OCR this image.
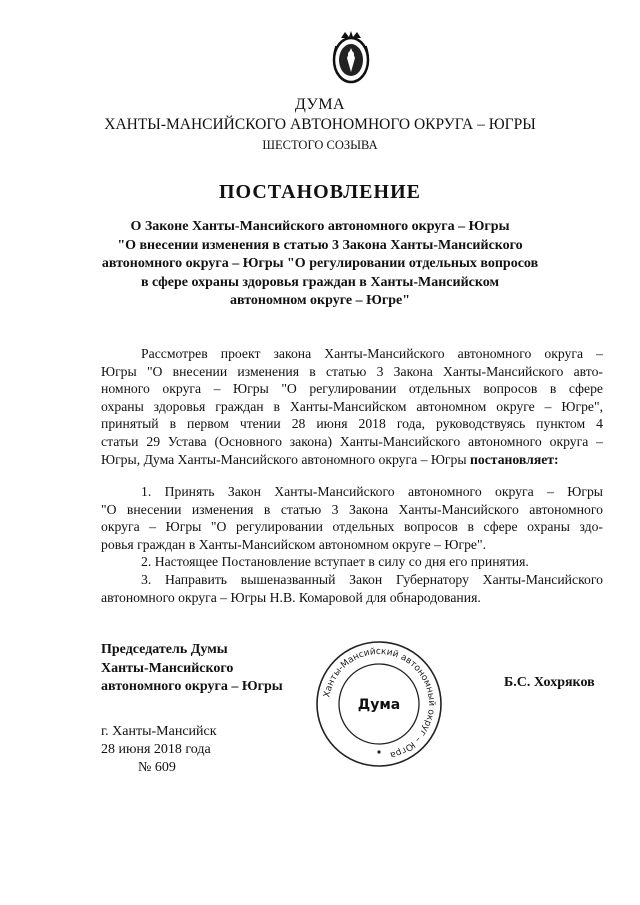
ДУМА
ХАНТЫ-МАНСИЙСКОГО АВТОНОМНОГО ОКРУГА – ЮГРЫ
ШЕСТОГО СОЗЫВА
ПОСТАНОВЛЕНИЕ
О Законе Ханты-Мансийского автономного округа – Югры
"О внесении изменения в статью 3 Закона Ханты-Мансийского
автономного округа – Югры "О регулировании отдельных вопросов
в сфере охраны здоровья граждан в Ханты-Мансийском
автономном округе – Югре"
Рассмотрев проект закона Ханты-Мансийского автономного округа –
Югры "О внесении изменения в статью 3 Закона Ханты-Мансийского авто-
номного округа – Югры "О регулировании отдельных вопросов в сфере
охраны здоровья граждан в Ханты-Мансийском автономном округе – Югре",
принятый в первом чтении 28 июня 2018 года, руководствуясь пунктом 4
статьи 29 Устава (Основного закона) Ханты-Мансийского автономного округа –
Югры, Дума Ханты-Мансийского автономного округа – Югры постановляет:
1. Принять Закон Ханты-Мансийского автономного округа – Югры
"О внесении изменения в статью 3 Закона Ханты-Мансийского автономного
округа – Югры "О регулировании отдельных вопросов в сфере охраны здо-
ровья граждан в Ханты-Мансийском автономном округе – Югре".
2. Настоящее Постановление вступает в силу со дня его принятия.
3. Направить вышеназванный Закон Губернатору Ханты-Мансийского
автономного округа – Югры Н.В. Комаровой для обнародования.
Председатель Думы
Ханты-Мансийского
автономного округа – Югры
Ханты-Мансийский автономный округ – Югра
Дума
Б.С. Хохряков
г. Ханты-Мансийск
28 июня 2018 года
№ 609
